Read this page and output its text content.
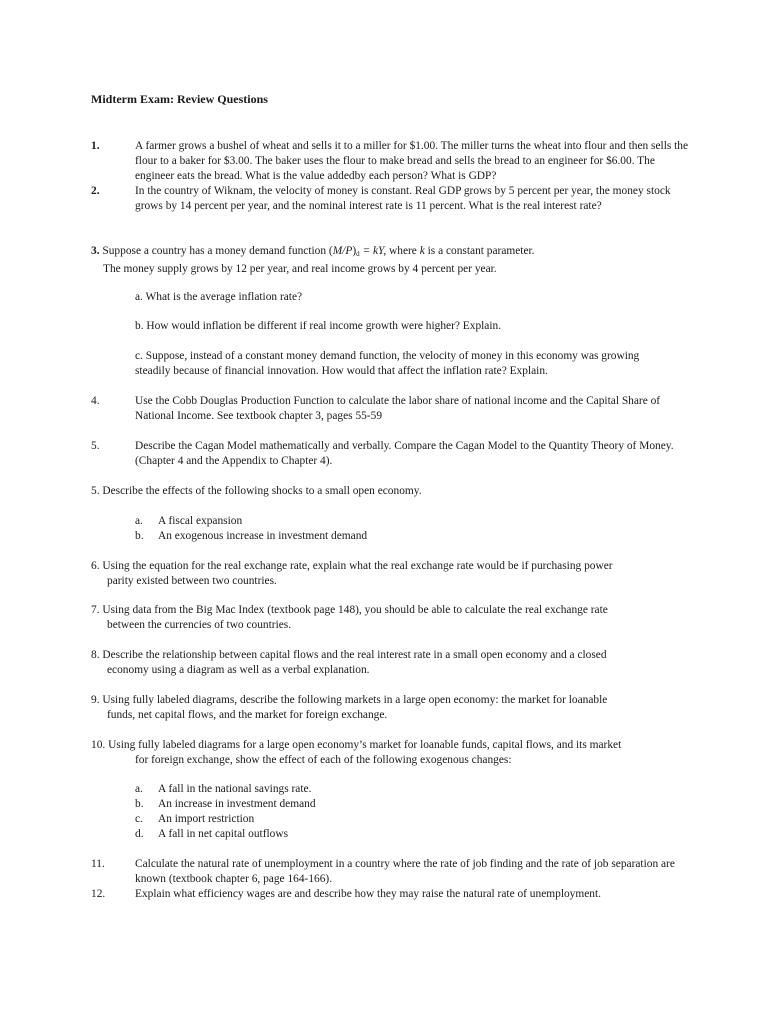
Midterm Exam: Review Questions
1.	A farmer grows a bushel of wheat and sells it to a miller for $1.00. The miller turns the wheat into flour and then sells the flour to a baker for $3.00. The baker uses the flour to make bread and sells the bread to an engineer for $6.00. The engineer eats the bread. What is the value addedby each person? What is GDP?
2.	In the country of Wiknam, the velocity of money is constant. Real GDP grows by 5 percent per year, the money stock grows by 14 percent per year, and the nominal interest rate is 11 percent. What is the real interest rate?
3. Suppose a country has a money demand function $(M/P)_d$ = kY, where k is a constant parameter.
The money supply grows by 12 per year, and real income grows by 4 percent per year.
a. What is the average inflation rate?
b. How would inflation be different if real income growth were higher? Explain.
c. Suppose, instead of a constant money demand function, the velocity of money in this economy was growing steadily because of financial innovation. How would that affect the inflation rate? Explain.
4.	Use the Cobb Douglas Production Function to calculate the labor share of national income and the Capital Share of National Income. See textbook chapter 3, pages 55-59
5.	Describe the Cagan Model mathematically and verbally. Compare the Cagan Model to the Quantity Theory of Money. (Chapter 4 and the Appendix to Chapter 4).
5. Describe the effects of the following shocks to a small open economy.
a. A fiscal expansion
b. An exogenous increase in investment demand
6. Using the equation for the real exchange rate, explain what the real exchange rate would be if purchasing power
parity existed between two countries.
7. Using data from the Big Mac Index (textbook page 148), you should be able to calculate the real exchange rate
between the currencies of two countries.
8. Describe the relationship between capital flows and the real interest rate in a small open economy and a closed
economy using a diagram as well as a verbal explanation.
9. Using fully labeled diagrams, describe the following markets in a large open economy: the market for loanable
funds, net capital flows, and the market for foreign exchange.
10. Using fully labeled diagrams for a large open economy’s market for loanable funds, capital flows, and its market
for foreign exchange, show the effect of each of the following exogenous changes:
a. A fall in the national savings rate.
b. An increase in investment demand
c. An import restriction
d. A fall in net capital outflows
11.	Calculate the natural rate of unemployment in a country where the rate of job finding and the rate of job separation are known (textbook chapter 6, page 164-166).
12.	Explain what efficiency wages are and describe how they may raise the natural rate of unemployment.
